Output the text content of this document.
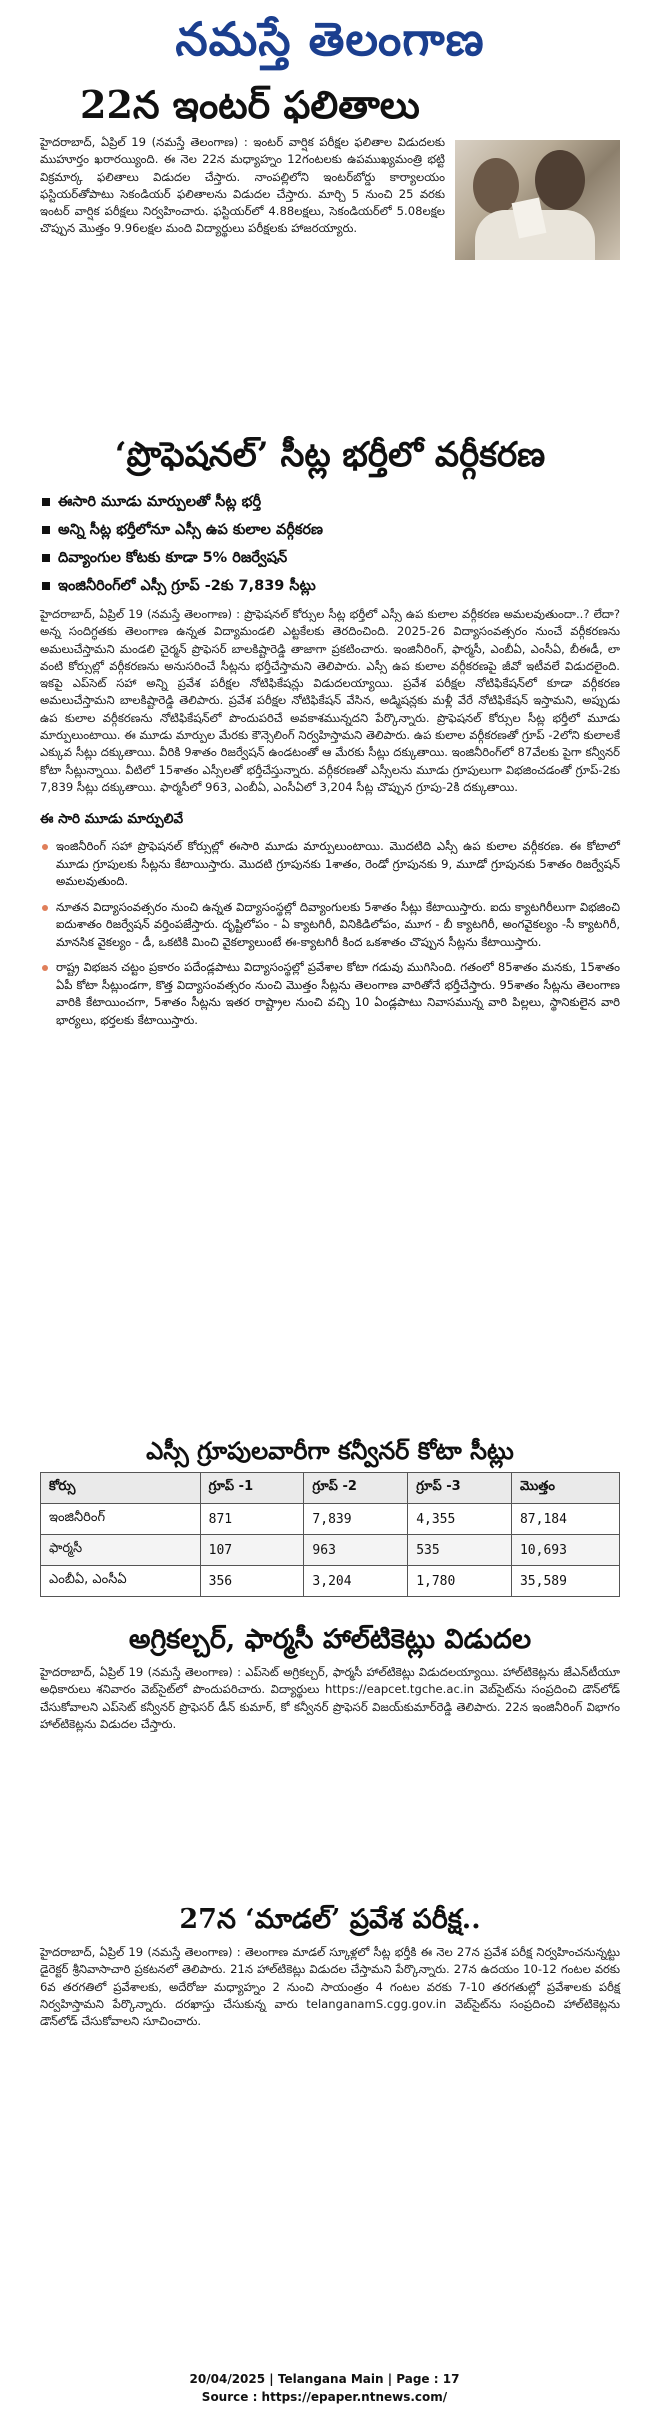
నమస్తే తెలంగాణ
22న ఇంటర్ ఫలితాలు
హైదరాబాద్, ఏప్రిల్ 19 (నమస్తే తెలంగాణ) : ఇంటర్ వార్షిక పరీక్షల ఫలితాల విడుదలకు ముహూర్తం ఖరారయ్యింది. ఈ నెల 22న మధ్యాహ్నం 12గంటలకు ఉపముఖ్యమంత్రి భట్టి విక్రమార్క ఫలితాలు విడుదల చేస్తారు. నాంపల్లిలోని ఇంటర్‌బోర్డు కార్యాలయం ఫస్టియర్‌తోపాటు సెకండియర్ ఫలితాలను విడుదల చేస్తారు. మార్చి 5 నుంచి 25 వరకు ఇంటర్ వార్షిక పరీక్షలు నిర్వహించారు. ఫస్టియర్‌లో 4.88లక్షలు, సెకండియర్‌లో 5.08లక్షల చొప్పున మొత్తం 9.96లక్షల మంది విద్యార్థులు పరీక్షలకు హాజరయ్యారు.
‘ప్రొఫెషనల్’ సీట్ల భర్తీలో వర్గీకరణ
ఈసారి మూడు మార్పులతో సీట్ల భర్తీ
అన్ని సీట్ల భర్తీలోనూ ఎస్సీ ఉప కులాల వర్గీకరణ
దివ్యాంగుల కోటకు కూడా 5% రిజర్వేషన్
ఇంజినీరింగ్‌లో ఎస్సీ గ్రూప్ -2కు 7,839 సీట్లు
హైదరాబాద్, ఏప్రిల్ 19 (నమస్తే తెలంగాణ) : ప్రొఫెషనల్ కోర్సుల సీట్ల భర్తీలో ఎస్సీ ఉప కులాల వర్గీకరణ అమలవుతుందా..? లేదా? అన్న సందిగ్ధతకు తెలంగాణ ఉన్నత విద్యామండలి ఎట్టకేలకు తెరదించింది. 2025-26 విద్యాసంవత్సరం నుంచే వర్గీకరణను అమలుచేస్తామని మండలి చైర్మన్ ప్రొఫెసర్ బాలకిష్టారెడ్డి తాజాగా ప్రకటించారు. ఇంజినీరింగ్, ఫార్మసీ, ఎంబీఏ, ఎంసీఏ, బీఈడీ, లా వంటి కోర్సుల్లో వర్గీకరణను అనుసరించే సీట్లను భర్తీచేస్తామని తెలిపారు. ఎస్సీ ఉప కులాల వర్గీకరణపై జీవో ఇటీవలే విడుదలైంది. ఇకపై ఎప్‌సెట్ సహా అన్ని ప్రవేశ పరీక్షల నోటిఫికేషన్లు విడుదలయ్యాయి. ప్రవేశ పరీక్షల నోటిఫికేషన్‌లో కూడా వర్గీకరణ అమలుచేస్తామని బాలకిష్టారెడ్డి తెలిపారు. ప్రవేశ పరీక్షల నోటిఫికేషన్ వేసిన, అడ్మిషన్లకు మళ్లీ వేరే నోటిఫికేషన్ ఇస్తామని, అప్పుడు ఉప కులాల వర్గీకరణను నోటిఫికేషన్‌లో పొందుపరిచే అవకాశమున్నదని పేర్కొన్నారు. ప్రొఫెషనల్ కోర్సుల సీట్ల భర్తీలో మూడు మార్పులుంటాయి. ఈ మూడు మార్పుల మేరకు కౌన్సెలింగ్ నిర్వహిస్తామని తెలిపారు. ఉప కులాల వర్గీకరణతో గ్రూప్ -2లోని కులాలకే ఎక్కువ సీట్లు దక్కుతాయి. వీరికి 9శాతం రిజర్వేషన్ ఉండటంతో ఆ మేరకు సీట్లు దక్కుతాయి. ఇంజినీరింగ్‌లో 87వేలకు పైగా కన్వీనర్ కోటా సీట్లున్నాయి. వీటిలో 15శాతం ఎస్సీలతో భర్తీచేస్తున్నారు. వర్గీకరణతో ఎస్సీలను మూడు గ్రూపులుగా విభజించడంతో గ్రూప్-2కు 7,839 సీట్లు దక్కుతాయి. ఫార్మసీలో 963, ఎంబీఏ, ఎంసీఏలో 3,204 సీట్ల చొప్పున గ్రూపు-2కి దక్కుతాయి.
ఈ సారి మూడు మార్పులివే
ఇంజినీరింగ్ సహా ప్రొఫెషనల్ కోర్సుల్లో ఈసారి మూడు మార్పులుంటాయి. మొదటిది ఎస్సీ ఉప కులాల వర్గీకరణ. ఈ కోటాలో మూడు గ్రూపులకు సీట్లను కేటాయిస్తారు. మొదటి గ్రూపునకు 1శాతం, రెండో గ్రూపునకు 9, మూడో గ్రూపునకు 5శాతం రిజర్వేషన్ అమలవుతుంది.
నూతన విద్యాసంవత్సరం నుంచి ఉన్నత విద్యాసంస్థల్లో దివ్యాంగులకు 5శాతం సీట్లు కేటాయిస్తారు. ఐదు క్యాటగిరీలుగా విభజించి ఐదుశాతం రిజర్వేషన్ వర్తింపజేస్తారు. దృష్టిలోపం - ఏ క్యాటగిరీ, వినికిడిలోపం, మూగ - బీ క్యాటగిరీ, అంగవైకల్యం -సీ క్యాటగిరీ, మానసిక వైకల్యం - డీ, ఒకటికి మించి వైకల్యాలుంటే ఈ-క్యాటగిరీ కింద ఒకశాతం చొప్పున సీట్లను కేటాయిస్తారు.
రాష్ట్ర విభజన చట్టం ప్రకారం పదేండ్లపాటు విద్యాసంస్థల్లో ప్రవేశాల కోటా గడువు ముగిసింది. గతంలో 85శాతం మనకు, 15శాతం ఏపీ కోటా సీట్లుండగా, కొత్త విద్యాసంవత్సరం నుంచి మొత్తం సీట్లను తెలంగాణ వారితోనే భర్తీచేస్తారు. 95శాతం సీట్లను తెలంగాణ వారికి కేటాయించగా, 5శాతం సీట్లను ఇతర రాష్ట్రాల నుంచి వచ్చి 10 ఏండ్లపాటు నివాసమున్న వారి పిల్లలు, స్థానికులైన వారి భార్యలు, భర్తలకు కేటాయిస్తారు.
ఎస్సీ గ్రూపులవారీగా కన్వీనర్ కోటా సీట్లు
కోర్సు	గ్రూప్ -1	గ్రూప్ -2	గ్రూప్ -3	మొత్తం
ఇంజినీరింగ్	871	7,839	4,355	87,184
ఫార్మసీ	107	963	535	10,693
ఎంబీఏ, ఎంసీఏ	356	3,204	1,780	35,589
అగ్రికల్చర్, ఫార్మసీ హాల్‌టికెట్లు విడుదల
హైదరాబాద్, ఏప్రిల్ 19 (నమస్తే తెలంగాణ) : ఎప్‌సెట్ అగ్రికల్చర్, ఫార్మసీ హాల్‌టికెట్లు విడుదలయ్యాయి. హాల్‌టికెట్లను జేఎన్‌టీయూ అధికారులు శనివారం వెబ్‌సైట్‌లో పొందుపరిచారు. విద్యార్థులు https://eapcet.tgche.ac.in వెబ్‌సైట్‌ను సంప్రదించి డౌన్‌లోడ్ చేసుకోవాలని ఎప్‌సెట్ కన్వీనర్ ప్రొఫెసర్ డీన్ కుమార్, కో కన్వీనర్ ప్రొఫెసర్ విజయ్‌కుమార్‌రెడ్డి తెలిపారు. 22న ఇంజినీరింగ్ విభాగం హాల్‌టికెట్లను విడుదల చేస్తారు.
27న ‘మాడల్’ ప్రవేశ పరీక్ష..
హైదరాబాద్, ఏప్రిల్ 19 (నమస్తే తెలంగాణ) : తెలంగాణ మాడల్ స్కూళ్లలో సీట్ల భర్తీకి ఈ నెల 27న ప్రవేశ పరీక్ష నిర్వహించనున్నట్టు డైరెక్టర్ శ్రీనివాసాచారి ప్రకటనలో తెలిపారు. 21న హాల్‌టికెట్లు విడుదల చేస్తామని పేర్కొన్నారు. 27న ఉదయం 10-12 గంటల వరకు 6వ తరగతిలో ప్రవేశాలకు, అదేరోజు మధ్యాహ్నం 2 నుంచి సాయంత్రం 4 గంటల వరకు 7-10 తరగతుల్లో ప్రవేశాలకు పరీక్ష నిర్వహిస్తామని పేర్కొన్నారు. దరఖాస్తు చేసుకున్న వారు telanganamS.cgg.gov.in వెబ్‌సైట్‌ను సంప్రదించి హాల్‌టికెట్లను డౌన్‌లోడ్ చేసుకోవాలని సూచించారు.
20/04/2025 | Telangana Main | Page : 17
Source : https://epaper.ntnews.com/
